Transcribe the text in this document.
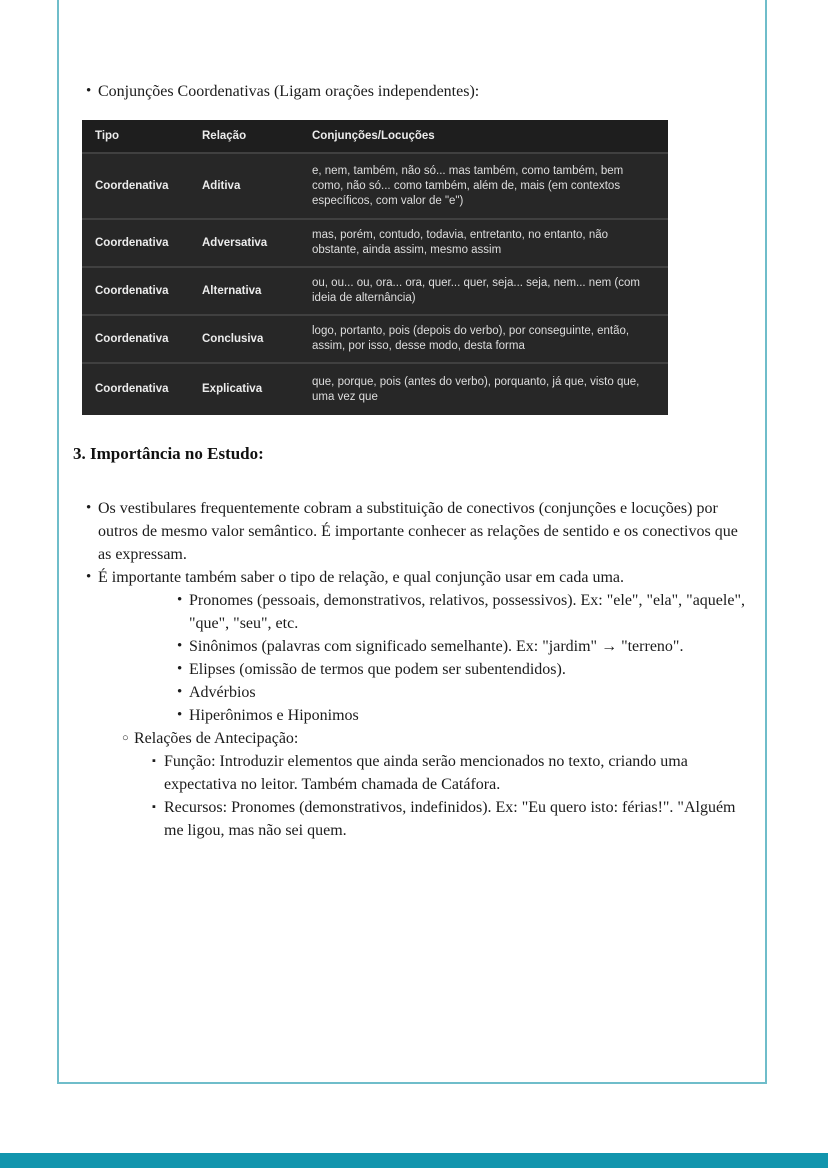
• Conjunções Coordenativas (Ligam orações independentes):
Tipo	Relação	Conjunções/Locuções
Coordenativa	Aditiva	e, nem, também, não só... mas também, como também, bem como, não só... como também, além de, mais (em contextos específicos, com valor de "e")
Coordenativa	Adversativa	mas, porém, contudo, todavia, entretanto, no entanto, não obstante, ainda assim, mesmo assim
Coordenativa	Alternativa	ou, ou... ou, ora... ora, quer... quer, seja... seja, nem... nem (com ideia de alternância)
Coordenativa	Conclusiva	logo, portanto, pois (depois do verbo), por conseguinte, então, assim, por isso, desse modo, desta forma
Coordenativa	Explicativa	que, porque, pois (antes do verbo), porquanto, já que, visto que, uma vez que
3. Importância no Estudo:
• Os vestibulares frequentemente cobram a substituição de conectivos (conjunções e locuções) por outros de mesmo valor semântico. É importante conhecer as relações de sentido e os conectivos que as expressam.
• É importante também saber o tipo de relação, e qual conjunção usar em cada uma.
• Pronomes (pessoais, demonstrativos, relativos, possessivos). Ex: "ele", "ela", "aquele", "que", "seu", etc.
• Sinônimos (palavras com significado semelhante). Ex: "jardim" → "terreno".
• Elipses (omissão de termos que podem ser subentendidos).
• Advérbios
• Hiperônimos e Hiponimos
○ Relações de Antecipação:
▪ Função: Introduzir elementos que ainda serão mencionados no texto, criando uma expectativa no leitor. Também chamada de Catáfora.
▪ Recursos: Pronomes (demonstrativos, indefinidos). Ex: "Eu quero isto: férias!". "Alguém me ligou, mas não sei quem.
